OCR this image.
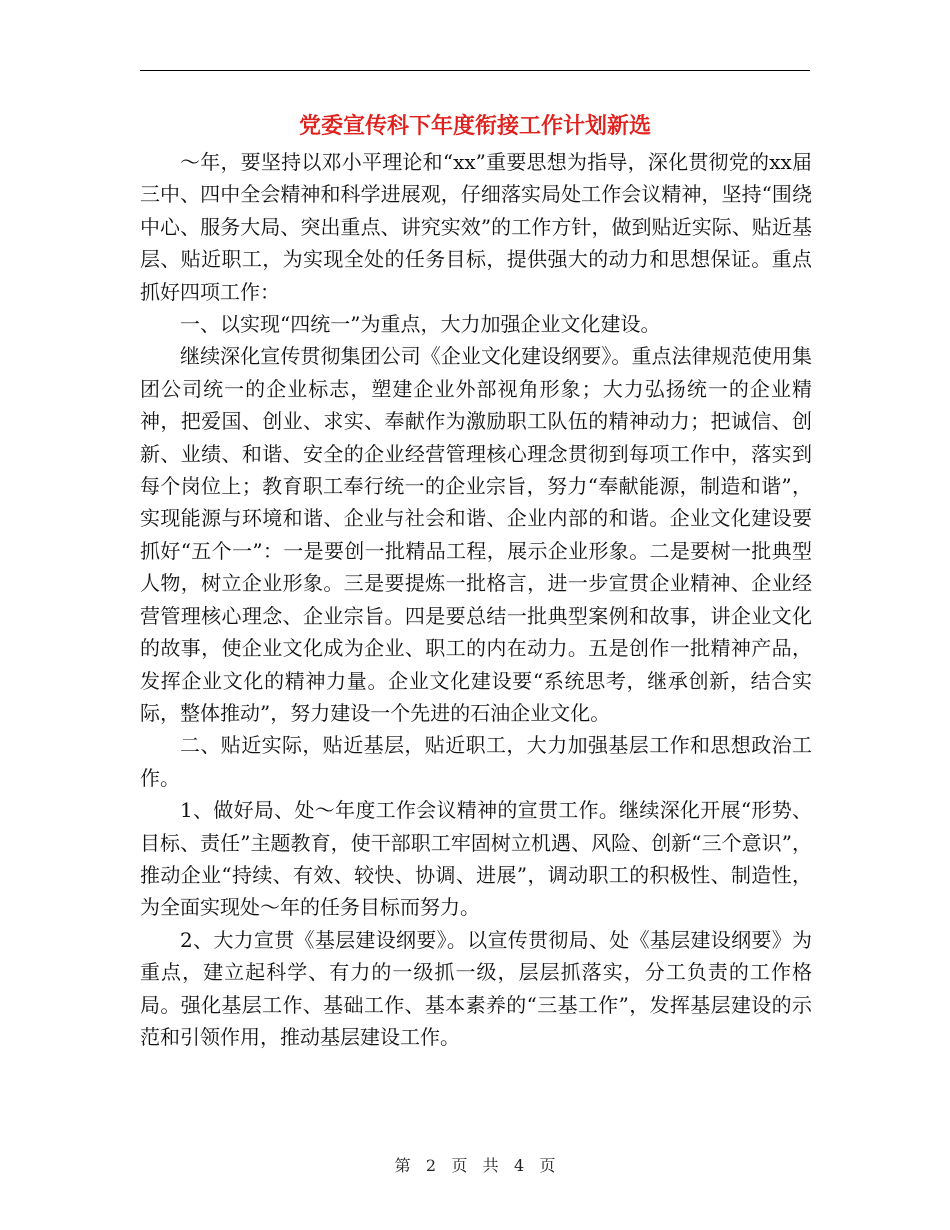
党委宣传科下年度衔接工作计划新选

～年，要坚持以邓小平理论和“xx”重要思想为指导，深化贯彻党的xx届三中、四中全会精神和科学进展观，仔细落实局处工作会议精神，坚持“围绕中心、服务大局、突出重点、讲究实效”的工作方针，做到贴近实际、贴近基层、贴近职工，为实现全处的任务目标，提供强大的动力和思想保证。重点抓好四项工作：

一、以实现“四统一”为重点，大力加强企业文化建设。

继续深化宣传贯彻集团公司《企业文化建设纲要》。重点法律规范使用集团公司统一的企业标志，塑建企业外部视角形象；大力弘扬统一的企业精神，把爱国、创业、求实、奉献作为激励职工队伍的精神动力；把诚信、创新、业绩、和谐、安全的企业经营管理核心理念贯彻到每项工作中，落实到每个岗位上；教育职工奉行统一的企业宗旨，努力“奉献能源，制造和谐”，实现能源与环境和谐、企业与社会和谐、企业内部的和谐。企业文化建设要抓好“五个一”：一是要创一批精品工程，展示企业形象。二是要树一批典型人物，树立企业形象。三是要提炼一批格言，进一步宣贯企业精神、企业经营管理核心理念、企业宗旨。四是要总结一批典型案例和故事，讲企业文化的故事，使企业文化成为企业、职工的内在动力。五是创作一批精神产品，发挥企业文化的精神力量。企业文化建设要“系统思考，继承创新，结合实际，整体推动”，努力建设一个先进的石油企业文化。

二、贴近实际，贴近基层，贴近职工，大力加强基层工作和思想政治工作。

1、做好局、处～年度工作会议精神的宣贯工作。继续深化开展“形势、目标、责任”主题教育，使干部职工牢固树立机遇、风险、创新“三个意识”，推动企业“持续、有效、较快、协调、进展”，调动职工的积极性、制造性，为全面实现处～年的任务目标而努力。

2、大力宣贯《基层建设纲要》。以宣传贯彻局、处《基层建设纲要》为重点，建立起科学、有力的一级抓一级，层层抓落实，分工负责的工作格局。强化基层工作、基础工作、基本素养的“三基工作”，发挥基层建设的示范和引领作用，推动基层建设工作。

第 2 页 共 4 页
